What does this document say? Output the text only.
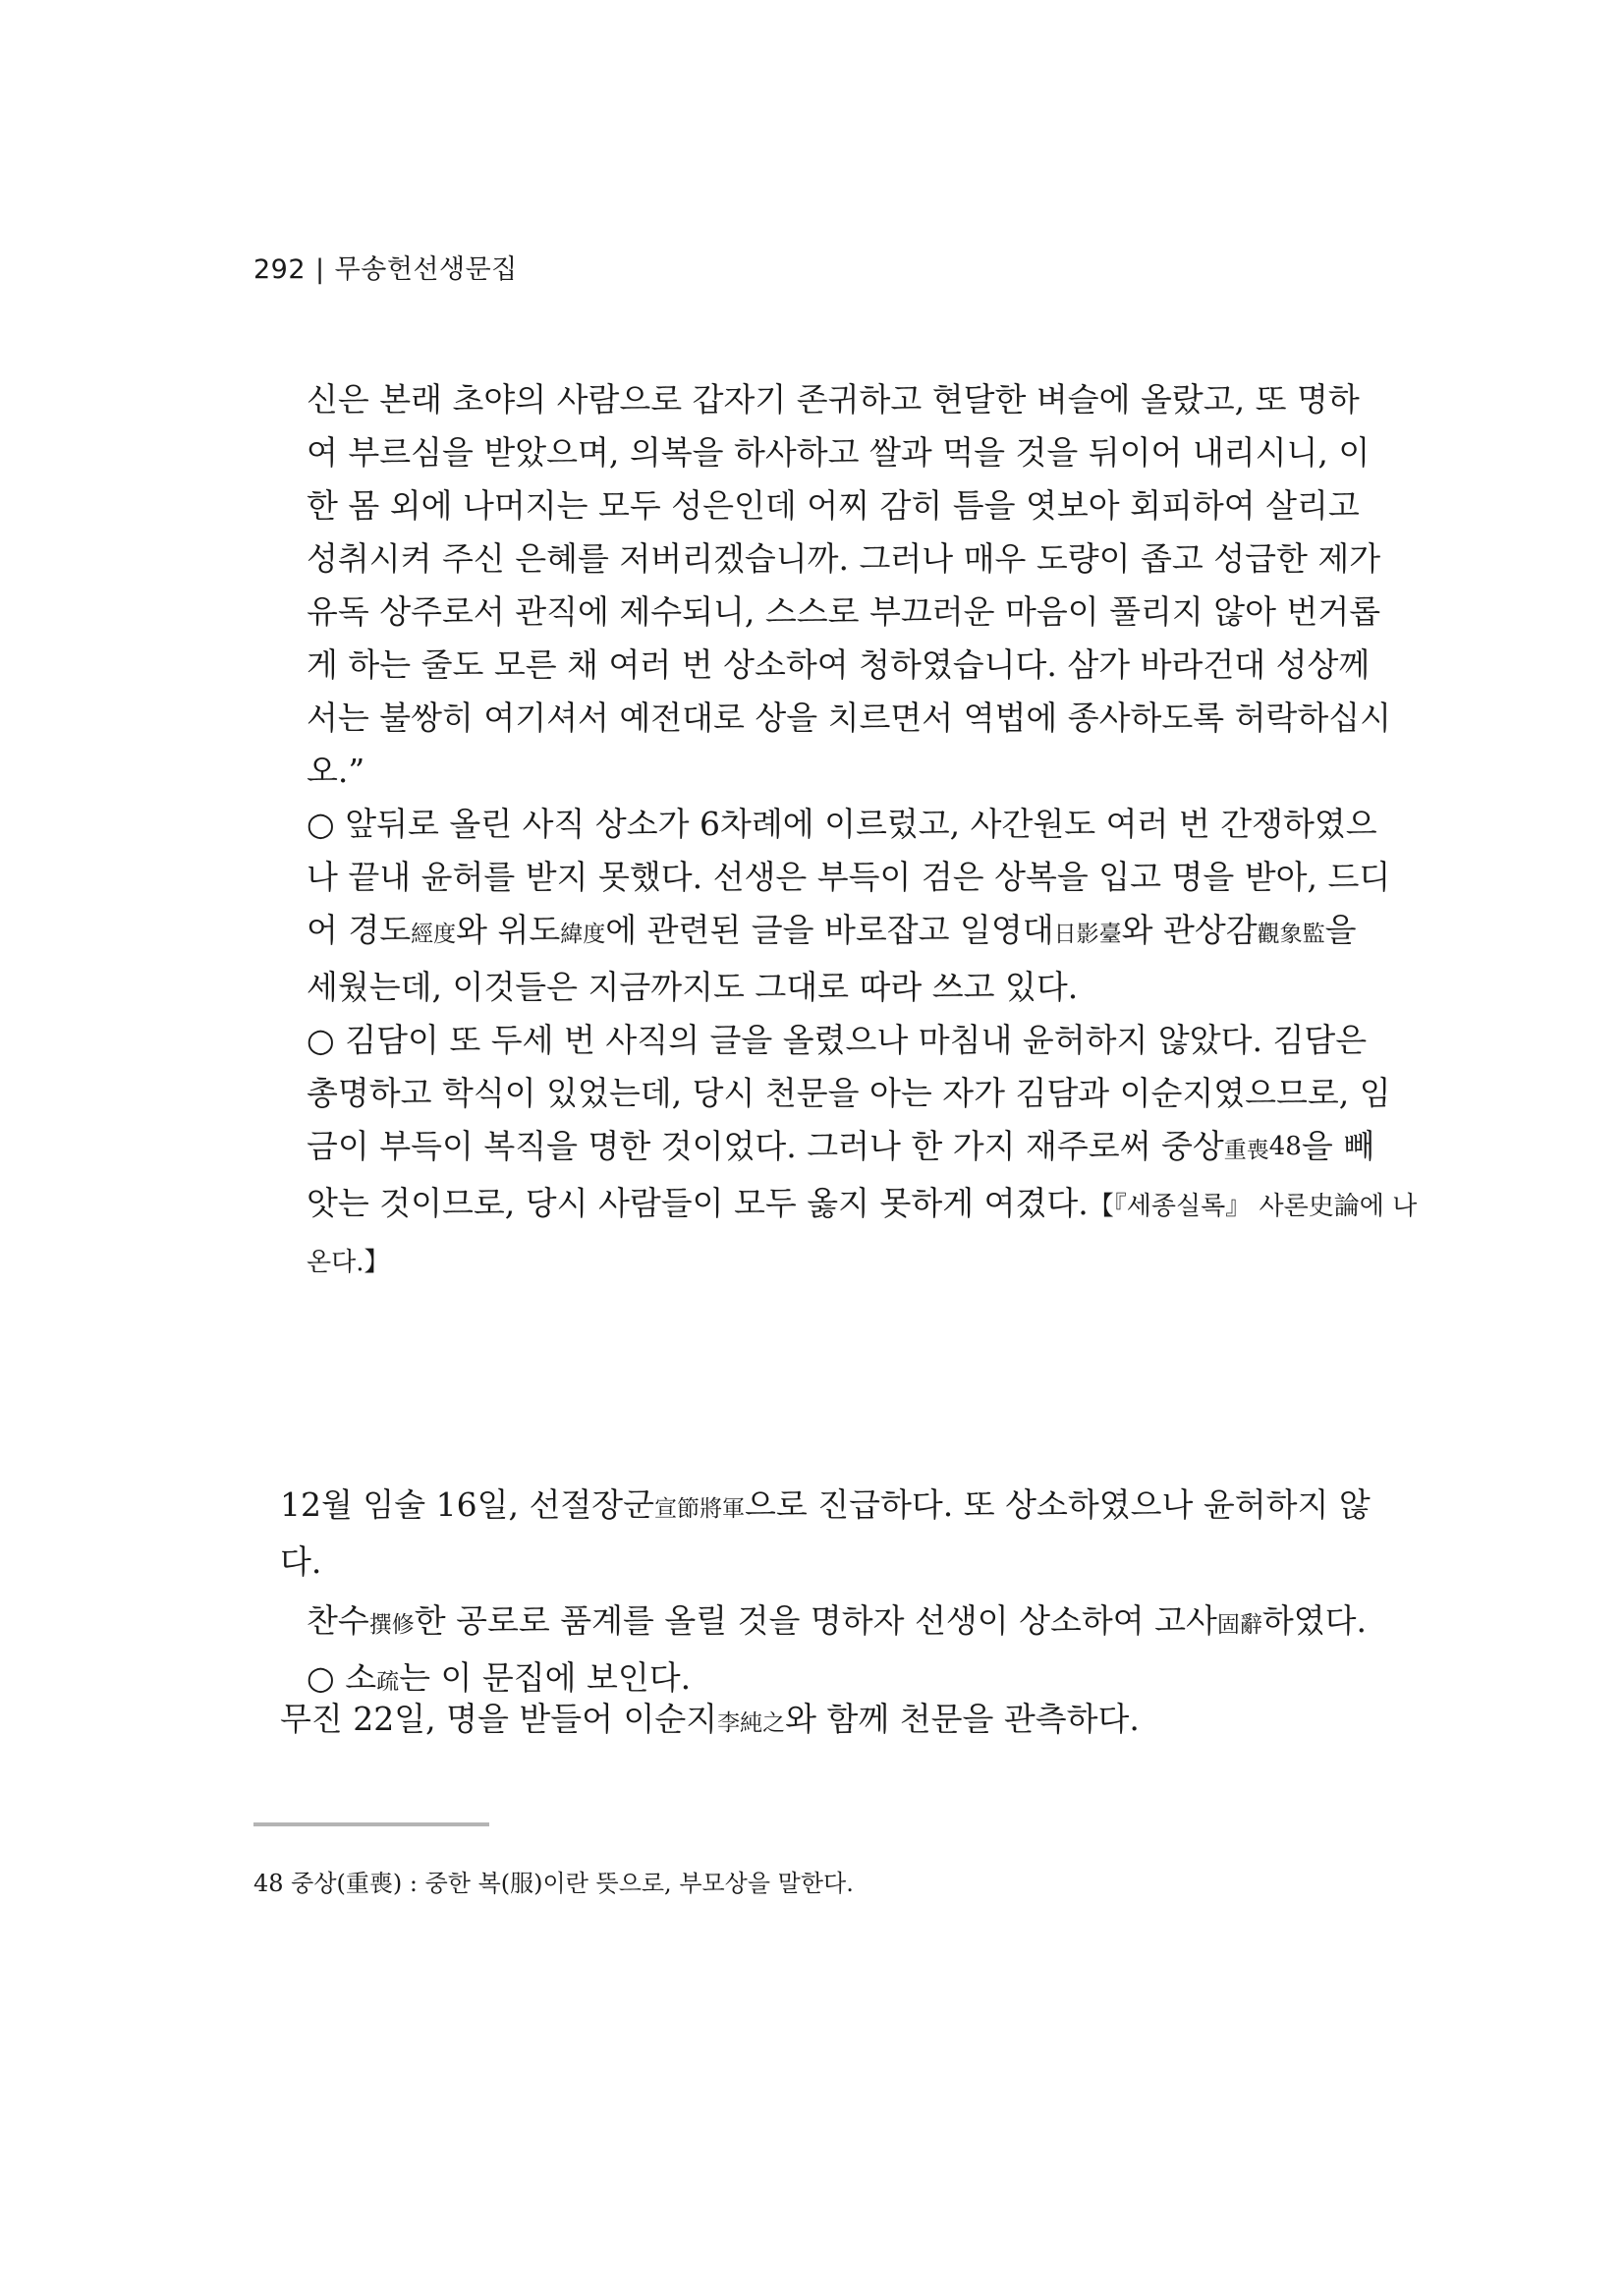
292 | 무송헌선생문집
신은 본래 초야의 사람으로 갑자기 존귀하고 현달한 벼슬에 올랐고, 또 명하
여 부르심을 받았으며, 의복을 하사하고 쌀과 먹을 것을 뒤이어 내리시니, 이
한 몸 외에 나머지는 모두 성은인데 어찌 감히 틈을 엿보아 회피하여 살리고
성취시켜 주신 은혜를 저버리겠습니까. 그러나 매우 도량이 좁고 성급한 제가
유독 상주로서 관직에 제수되니, 스스로 부끄러운 마음이 풀리지 않아 번거롭
게 하는 줄도 모른 채 여러 번 상소하여 청하였습니다. 삼가 바라건대 성상께
서는 불쌍히 여기셔서 예전대로 상을 치르면서 역법에 종사하도록 허락하십시
오.”
○ 앞뒤로 올린 사직 상소가 6차례에 이르렀고, 사간원도 여러 번 간쟁하였으
나 끝내 윤허를 받지 못했다. 선생은 부득이 검은 상복을 입고 명을 받아, 드디
어 경도經度와 위도緯度에 관련된 글을 바로잡고 일영대日影臺와 관상감觀象監을
세웠는데, 이것들은 지금까지도 그대로 따라 쓰고 있다.
○ 김담이 또 두세 번 사직의 글을 올렸으나 마침내 윤허하지 않았다. 김담은
총명하고 학식이 있었는데, 당시 천문을 아는 자가 김담과 이순지였으므로, 임
금이 부득이 복직을 명한 것이었다. 그러나 한 가지 재주로써 중상重喪48을 빼
앗는 것이므로, 당시 사람들이 모두 옳지 못하게 여겼다.【『세종실록』 사론史論에 나
온다.】
12월 임술 16일, 선절장군宣節將軍으로 진급하다. 또 상소하였으나 윤허하지 않
다.
찬수撰修한 공로로 품계를 올릴 것을 명하자 선생이 상소하여 고사固辭하였다.
○ 소疏는 이 문집에 보인다.
무진 22일, 명을 받들어 이순지李純之와 함께 천문을 관측하다.
48 중상(重喪) : 중한 복(服)이란 뜻으로, 부모상을 말한다.
